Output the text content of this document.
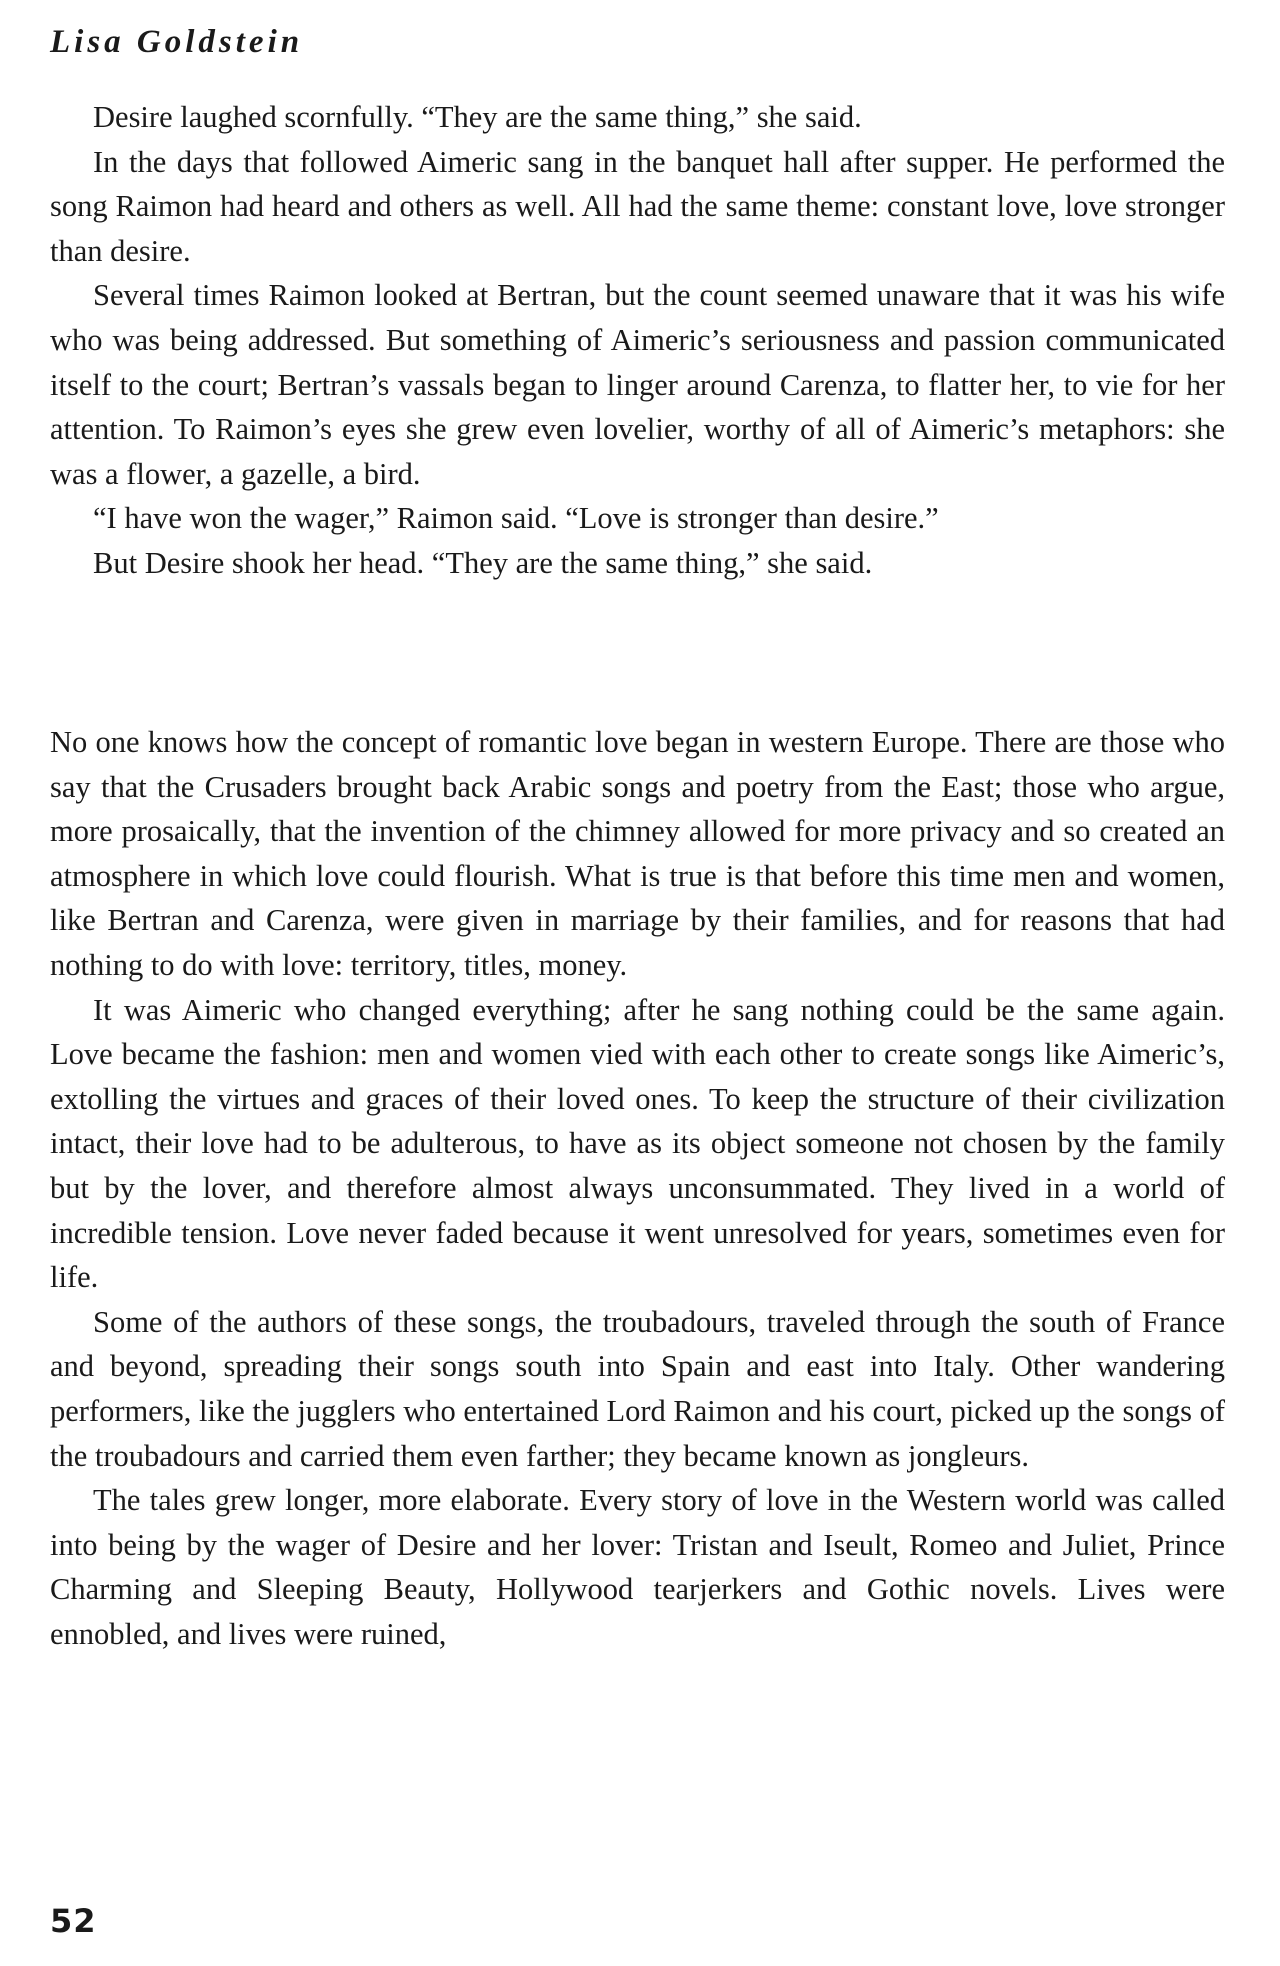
Lisa Goldstein

Desire laughed scornfully. “They are the same thing,” she said.

In the days that followed Aimeric sang in the banquet hall after supper. He performed the song Raimon had heard and others as well. All had the same theme: constant love, love stronger than desire.

Several times Raimon looked at Bertran, but the count seemed unaware that it was his wife who was being addressed. But something of Aimeric’s seriousness and passion communicated itself to the court; Bertran’s vassals began to linger around Carenza, to flatter her, to vie for her attention. To Raimon’s eyes she grew even lovelier, worthy of all of Aimeric’s metaphors: she was a flower, a gazelle, a bird.

“I have won the wager,” Raimon said. “Love is stronger than desire.”

But Desire shook her head. “They are the same thing,” she said.

No one knows how the concept of romantic love began in western Europe. There are those who say that the Crusaders brought back Arabic songs and poetry from the East; those who argue, more prosaically, that the invention of the chimney allowed for more privacy and so created an atmosphere in which love could flourish. What is true is that before this time men and women, like Bertran and Carenza, were given in marriage by their families, and for reasons that had nothing to do with love: territory, titles, money.

It was Aimeric who changed everything; after he sang nothing could be the same again. Love became the fashion: men and women vied with each other to create songs like Aimeric’s, extolling the virtues and graces of their loved ones. To keep the structure of their civilization intact, their love had to be adulterous, to have as its object someone not chosen by the family but by the lover, and therefore almost always unconsummated. They lived in a world of incredible tension. Love never faded because it went unresolved for years, sometimes even for life.

Some of the authors of these songs, the troubadours, traveled through the south of France and beyond, spreading their songs south into Spain and east into Italy. Other wandering performers, like the jugglers who entertained Lord Raimon and his court, picked up the songs of the troubadours and carried them even farther; they became known as jongleurs.

The tales grew longer, more elaborate. Every story of love in the Western world was called into being by the wager of Desire and her lover: Tristan and Iseult, Romeo and Juliet, Prince Charming and Sleeping Beauty, Hollywood tearjerkers and Gothic novels. Lives were ennobled, and lives were ruined,

52
